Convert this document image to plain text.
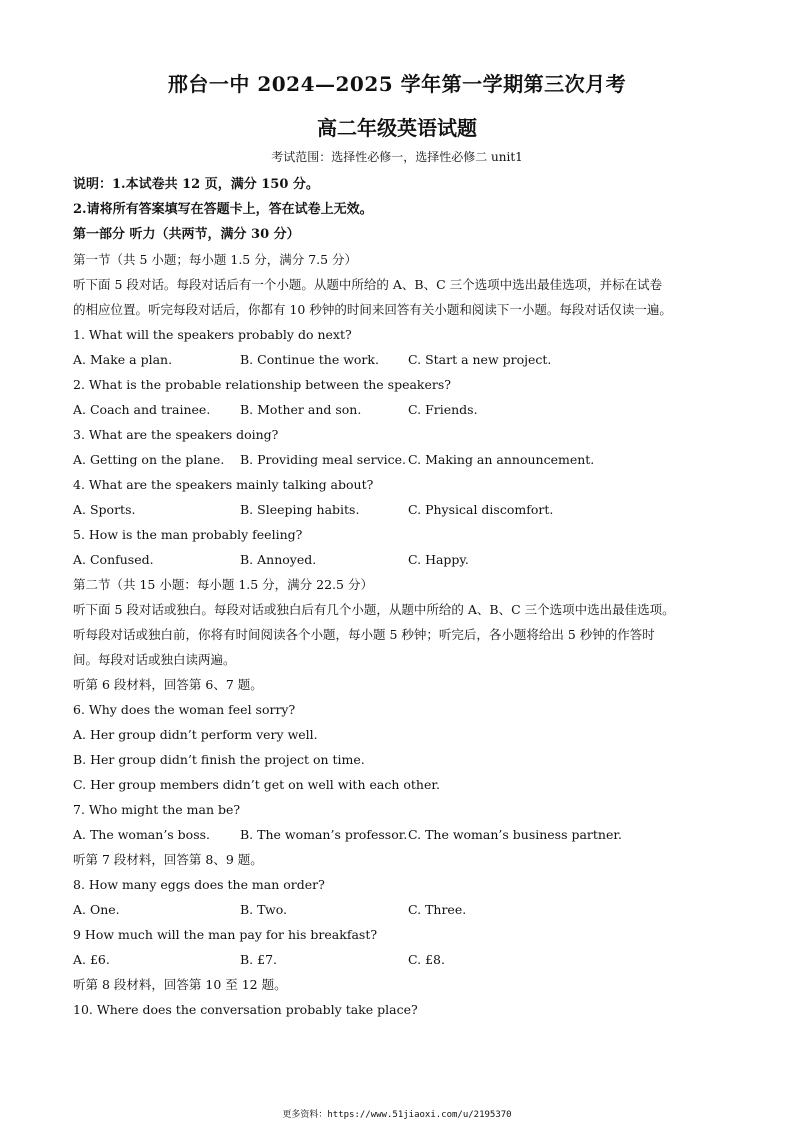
邢台一中 2024—2025 学年第一学期第三次月考
高二年级英语试题
考试范围：选择性必修一，选择性必修二 unit1
说明：1.本试卷共 12 页，满分 150 分。
2.请将所有答案填写在答题卡上，答在试卷上无效。
第一部分 听力（共两节，满分 30 分）
第一节（共 5 小题；每小题 1.5 分，满分 7.5 分）
听下面 5 段对话。每段对话后有一个小题。从题中所给的 A、B、C 三个选项中选出最佳选项，并标在试卷
的相应位置。听完每段对话后，你都有 10 秒钟的时间来回答有关小题和阅读下一小题。每段对话仅读一遍。
1. What will the speakers probably do next?
A. Make a plan.	B. Continue the work. C. Start a new project.
2. What is the probable relationship between the speakers?
A. Coach and trainee. B. Mother and son.	C. Friends.
3. What are the speakers doing?
A. Getting on the plane. B. Providing meal service. C. Making an announcement.
4. What are the speakers mainly talking about?
A. Sports.	B. Sleeping habits.	C. Physical discomfort.
5. How is the man probably feeling?
A. Confused.	B. Annoyed.	C. Happy.
第二节（共 15 小题：每小题 1.5 分，满分 22.5 分）
听下面 5 段对话或独白。每段对话或独白后有几个小题，从题中所给的 A、B、C 三个选项中选出最佳选项。
听每段对话或独白前，你将有时间阅读各个小题，每小题 5 秒钟；听完后，各小题将给出 5 秒钟的作答时
间。每段对话或独白读两遍。
听第 6 段材料，回答第 6、7 题。
6. Why does the woman feel sorry?
A. Her group didn’t perform very well.
B. Her group didn’t finish the project on time.
C. Her group members didn’t get on well with each other.
7. Who might the man be?
A. The woman’s boss. B. The woman’s professor. C. The woman’s business partner.
听第 7 段材料，回答第 8、9 题。
8. How many eggs does the man order?
A. One.	B. Two.	C. Three.
9 How much will the man pay for his breakfast?
A. £6.	B. £7.	C. £8.
听第 8 段材料，回答第 10 至 12 题。
10. Where does the conversation probably take place?
更多资料：https://www.51jiaoxi.com/u/2195370
